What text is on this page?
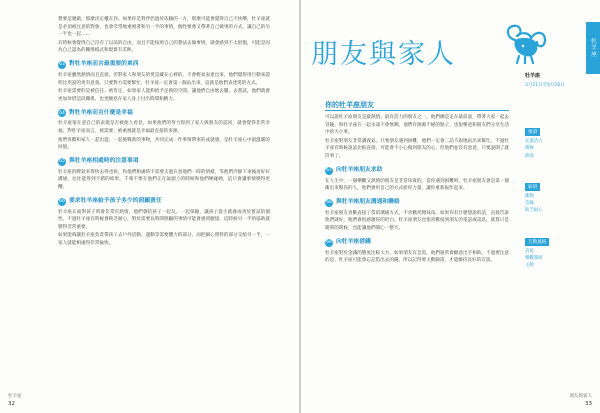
想要這麼做，那麼決定權在你。如果你是對伴侶過於依賴的一方，那麼可能會覺得自己不快樂，牡羊座就是必須被注意的對象，也會非常地重視著和另一半的事情，個性要強又帶著自己做事的方式，讓自己的另一半也一起……

有時候會覺得自己沒有了以前的自由，而且不能按照自己的想法去做事情，就會感到不太舒服，可能是因為自己認為的關係模式和現實有差距。

63 對牡羊座而言最重要的東西

牡羊座雖然熱情而且直接，但對家人和朋友的愛是藏在心裡的，不會輕易表達出來，他們覺得用行動來證明比用說的更有意義。只要對方需要幫忙，牡羊座一定會第一個站出來，這就是他們表達愛的方式。

牡羊座需要的是被信任、被肯定，如果家人能夠給予足夠的空間，讓他們自由地去闖、去嘗試，他們就會更加珍惜這段關係，也更願意在家人身上付出時間和精力。

64 對牡羊座而言什麼是幸福

牡羊座很在意自己的表現是否被他人看見，如果他們的努力得到了家人與朋友的認同，就會覺得非常幸福。對牡羊座而言，被需要、被重視就是幸福最直接的來源。

他們喜歡和家人一起出遊、一起挑戰新的事物，共同完成一件事情帶來的成就感，是牡羊座心中最溫暖的回憶。

65 與牡羊座相處時的注意事項

牡羊座的脾氣來得快去得也快，和他們相處時不需要太過在意他們一時的情緒，等他們冷靜下來後再好好溝通，往往能得到不錯的結果。千萬不要在他們正在氣頭上的時候和他們硬碰硬，這只會讓事情變得更糟。

66 要求牡羊座給予孩子多少的照顧責任

牡羊座在面對孩子時會非常有熱情，他們會陪孩子一起玩、一起探險，讓孩子從小就養成勇於嘗試的個性。不過牡羊座有時候會缺乏耐心，對於需要長時間照顧的事情可能會感到厭煩，這時候另一半的協助就變得非常重要。

如果能夠讓牡羊座負責帶孩子去戶外活動、運動等需要體力的部分，而把細心照料的部分交給另一半，一家人就能相處得非常愉快。

牡羊座
32
朋友與家人	牡羊座
牡羊座
3月21日至4月20日
你的牡羊座朋友

可以說牡羊座朋友是最熱情、最有活力的朋友之一，他們總是走在最前面，帶著大家一起去冒險。和牡羊座在一起永遠不會無聊，他們有源源不絕的點子，也很樂意和朋友們分享生活中的大小事。

牡羊座對朋友非常講義氣，只要朋友遇到困難，他們一定會二話不說地站出來幫忙。不過牡羊座有時候說話比較直接，可能會不小心傷到朋友的心，但他們並沒有惡意，只要說開了就沒事了。

67 向牡羊座朋友求助

在人生中，一個樂觀又熱情的朋友是非常珍貴的。當你遇到困難時，牡羊座朋友會是第一個衝出來幫你的人，他們會用自己的方式給你力量，讓你重新振作起來。

68 與牡羊座朋友溝通和聯絡

牡羊座朋友喜歡直接了當的溝通方式，不喜歡拐彎抹角。如果你有什麼想說的話，直接告訴他們就好，他們會很感激你的坦白。牡羊座朋友也很喜歡接到朋友的電話或訊息，就算只是簡單的問候，也能讓他們開心一整天。

69 向牡羊座借錢

牡羊座對於金錢的態度比較大方，如果朋友有急需，他們通常會願意出手相助。不過要注意的是，牡羊座可能會忘記借出去的錢，所以記得要主動歸還，才能維持良好的友誼。

強項
充滿活力
積極
熱情
弱項
衝動
急躁
缺乏耐心
互動風格
直接
樂觀開朗
主動
朋友與家人
33
